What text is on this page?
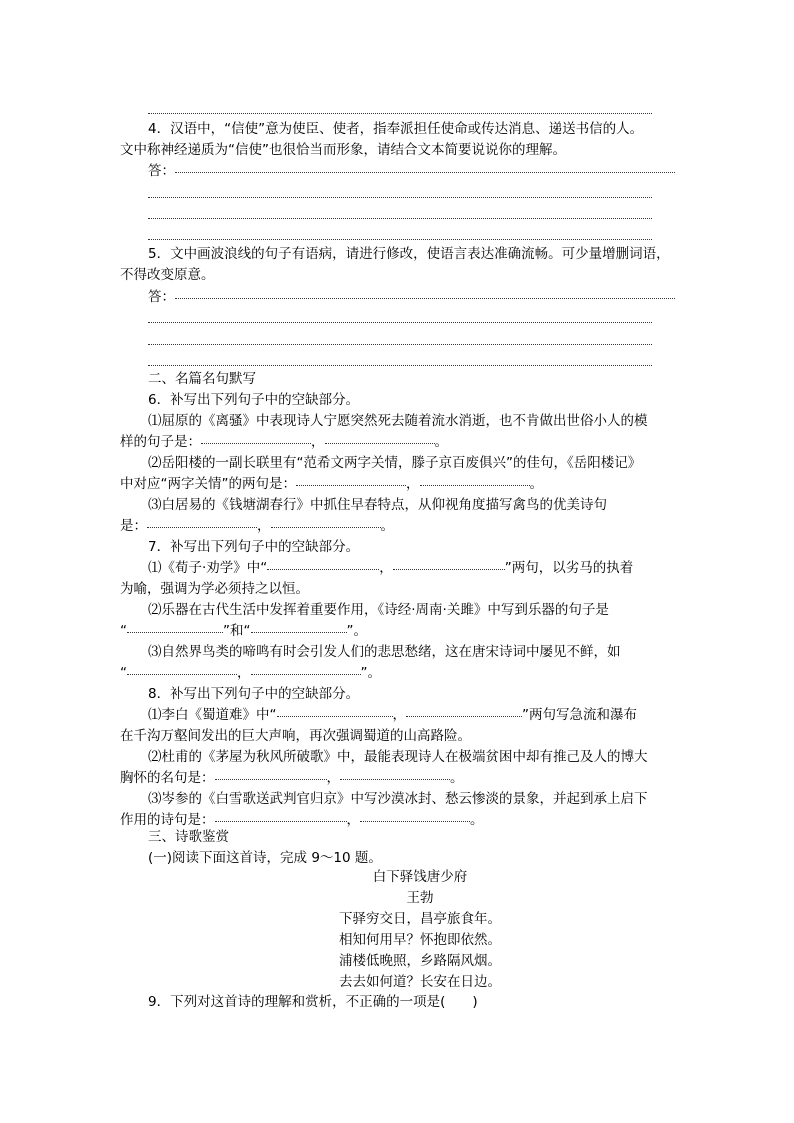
4．汉语中，“信使”意为使臣、使者，指奉派担任使命或传达消息、递送书信的人。
文中称神经递质为“信使”也很恰当而形象，请结合文本简要说说你的理解。
答：
5．文中画波浪线的句子有语病，请进行修改，使语言表达准确流畅。可少量增删词语，
不得改变原意。
答：
二、名篇名句默写
6．补写出下列句子中的空缺部分。
⑴屈原的《离骚》中表现诗人宁愿突然死去随着流水消逝，也不肯做出世俗小人的模
样的句子是：	，	。
⑵岳阳楼的一副长联里有“范希文两字关情，滕子京百废俱兴”的佳句，《岳阳楼记》
中对应“两字关情”的两句是：	，	。
⑶白居易的《钱塘湖春行》中抓住早春特点，从仰视角度描写禽鸟的优美诗句
是：	，	。
7．补写出下列句子中的空缺部分。
⑴《荀子·劝学》中“	，	”两句，以劣马的执着
为喻，强调为学必须持之以恒。
⑵乐器在古代生活中发挥着重要作用，《诗经·周南·关雎》中写到乐器的句子是
“	”和“	”。
⑶自然界鸟类的啼鸣有时会引发人们的悲思愁绪，这在唐宋诗词中屡见不鲜，如
“	，	”。
8．补写出下列句子中的空缺部分。
⑴李白《蜀道难》中“	，	”两句写急流和瀑布
在千沟万壑间发出的巨大声响，再次强调蜀道的山高路险。
⑵杜甫的《茅屋为秋风所破歌》中，最能表现诗人在极端贫困中却有推己及人的博大
胸怀的名句是：	，	。
⑶岑参的《白雪歌送武判官归京》中写沙漠冰封、愁云惨淡的景象，并起到承上启下
作用的诗句是：	，	。
三、诗歌鉴赏
(一)阅读下面这首诗，完成 9～10 题。
白下驿饯唐少府
王勃
下驿穷交日，昌亭旅食年。
相知何用早？怀抱即依然。
浦楼低晚照，乡路隔风烟。
去去如何道？长安在日边。
9．下列对这首诗的理解和赏析，不正确的一项是(　　)
